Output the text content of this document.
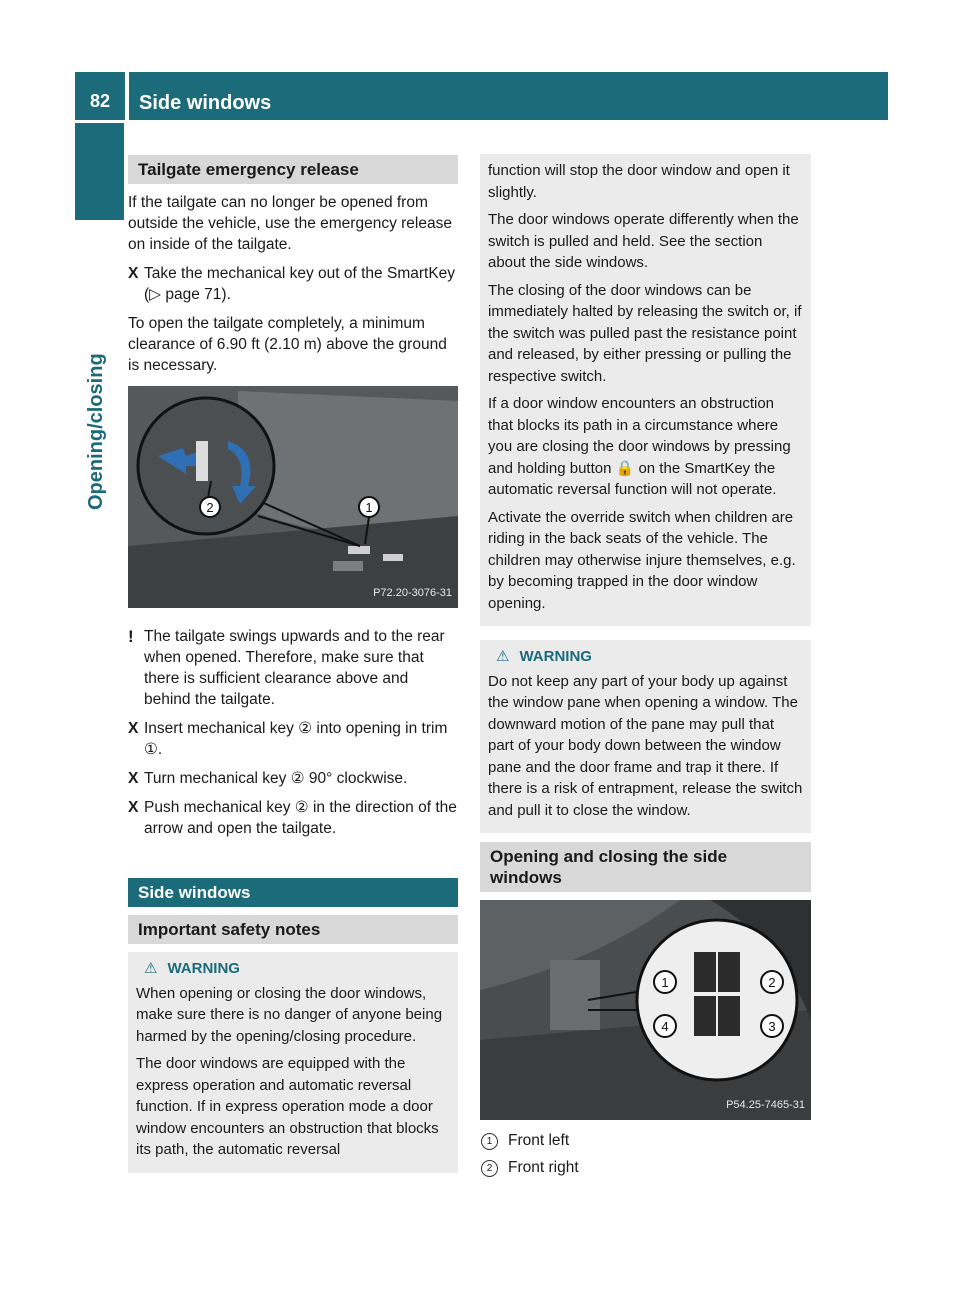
82	Side windows
Opening/closing
Tailgate emergency release

If the tailgate can no longer be opened from outside the vehicle, use the emergency release on inside of the tailgate.

X Take the mechanical key out of the SmartKey (▷ page 71).

To open the tailgate completely, a minimum clearance of 6.90 ft (2.10 m) above the ground is necessary.

2	1
P72.20-3076-31
! The tailgate swings upwards and to the rear when opened. Therefore, make sure that there is sufficient clearance above and behind the tailgate.
X Insert mechanical key ② into opening in trim ①.
X Turn mechanical key ② 90° clockwise.
X Push mechanical key ② in the direction of the arrow and open the tailgate.
Side windows
Important safety notes
⚠ WARNING

When opening or closing the door windows, make sure there is no danger of anyone being harmed by the opening/closing procedure.

The door windows are equipped with the express operation and automatic reversal function. If in express operation mode a door window encounters an obstruction that blocks its path, the automatic reversal

function will stop the door window and open it slightly.

The door windows operate differently when the switch is pulled and held. See the section about the side windows.

The closing of the door windows can be immediately halted by releasing the switch or, if the switch was pulled past the resistance point and released, by either pressing or pulling the respective switch.

If a door window encounters an obstruction that blocks its path in a circumstance where you are closing the door windows by pressing and holding button 🔒 on the SmartKey the automatic reversal function will not operate.

Activate the override switch when children are riding in the back seats of the vehicle. The children may otherwise injure themselves, e.g. by becoming trapped in the door window opening.

⚠ WARNING

Do not keep any part of your body up against the window pane when opening a window. The downward motion of the pane may pull that part of your body down between the window pane and the door frame and trap it there. If there is a risk of entrapment, release the switch and pull it to close the window.

Opening and closing the side windows
1	2
3
4
P54.25-7465-31
1 Front left
2 Front right
